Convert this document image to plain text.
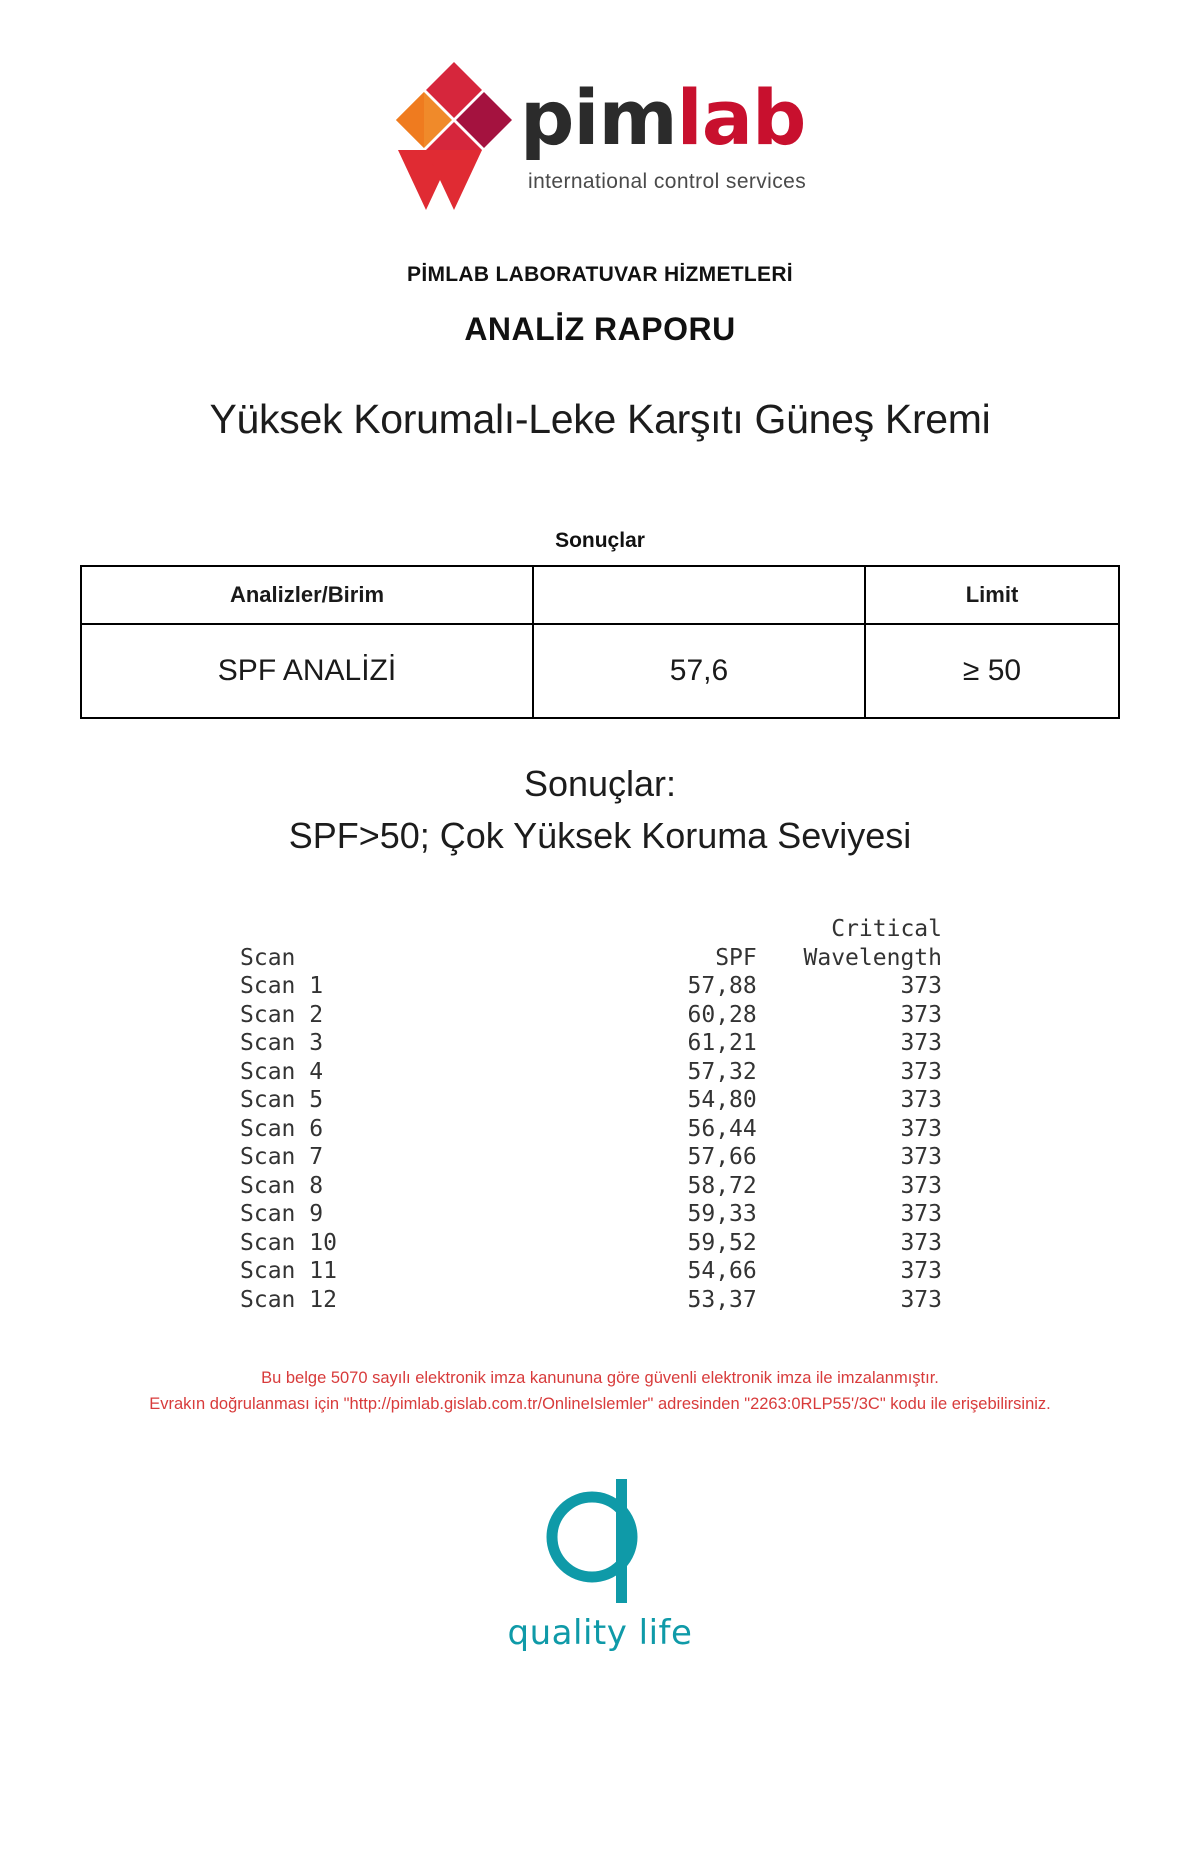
pimlab
international control services
PİMLAB LABORATUVAR HİZMETLERİ
ANALİZ RAPORU
Yüksek Korumalı-Leke Karşıtı Güneş Kremi
Sonuçlar
Analizler/Birim		Limit
SPF ANALİZİ	57,6	≥ 50
Sonuçlar:
SPF>50; Çok Yüksek Koruma Seviyesi
Critical
Scan	SPF	Wavelength
Scan 1	57,88	373
Scan 2	60,28	373
Scan 3	61,21	373
Scan 4	57,32	373
Scan 5	54,80	373
Scan 6	56,44	373
Scan 7	57,66	373
Scan 8	58,72	373
Scan 9	59,33	373
Scan 10	59,52	373
Scan 11	54,66	373
Scan 12	53,37	373
Bu belge 5070 sayılı elektronik imza kanununa göre güvenli elektronik imza ile imzalanmıştır.
Evrakın doğrulanması için "http://pimlab.gislab.com.tr/OnlineIslemler" adresinden "2263:0RLP55'/3C" kodu ile erişebilirsiniz.
quality life
